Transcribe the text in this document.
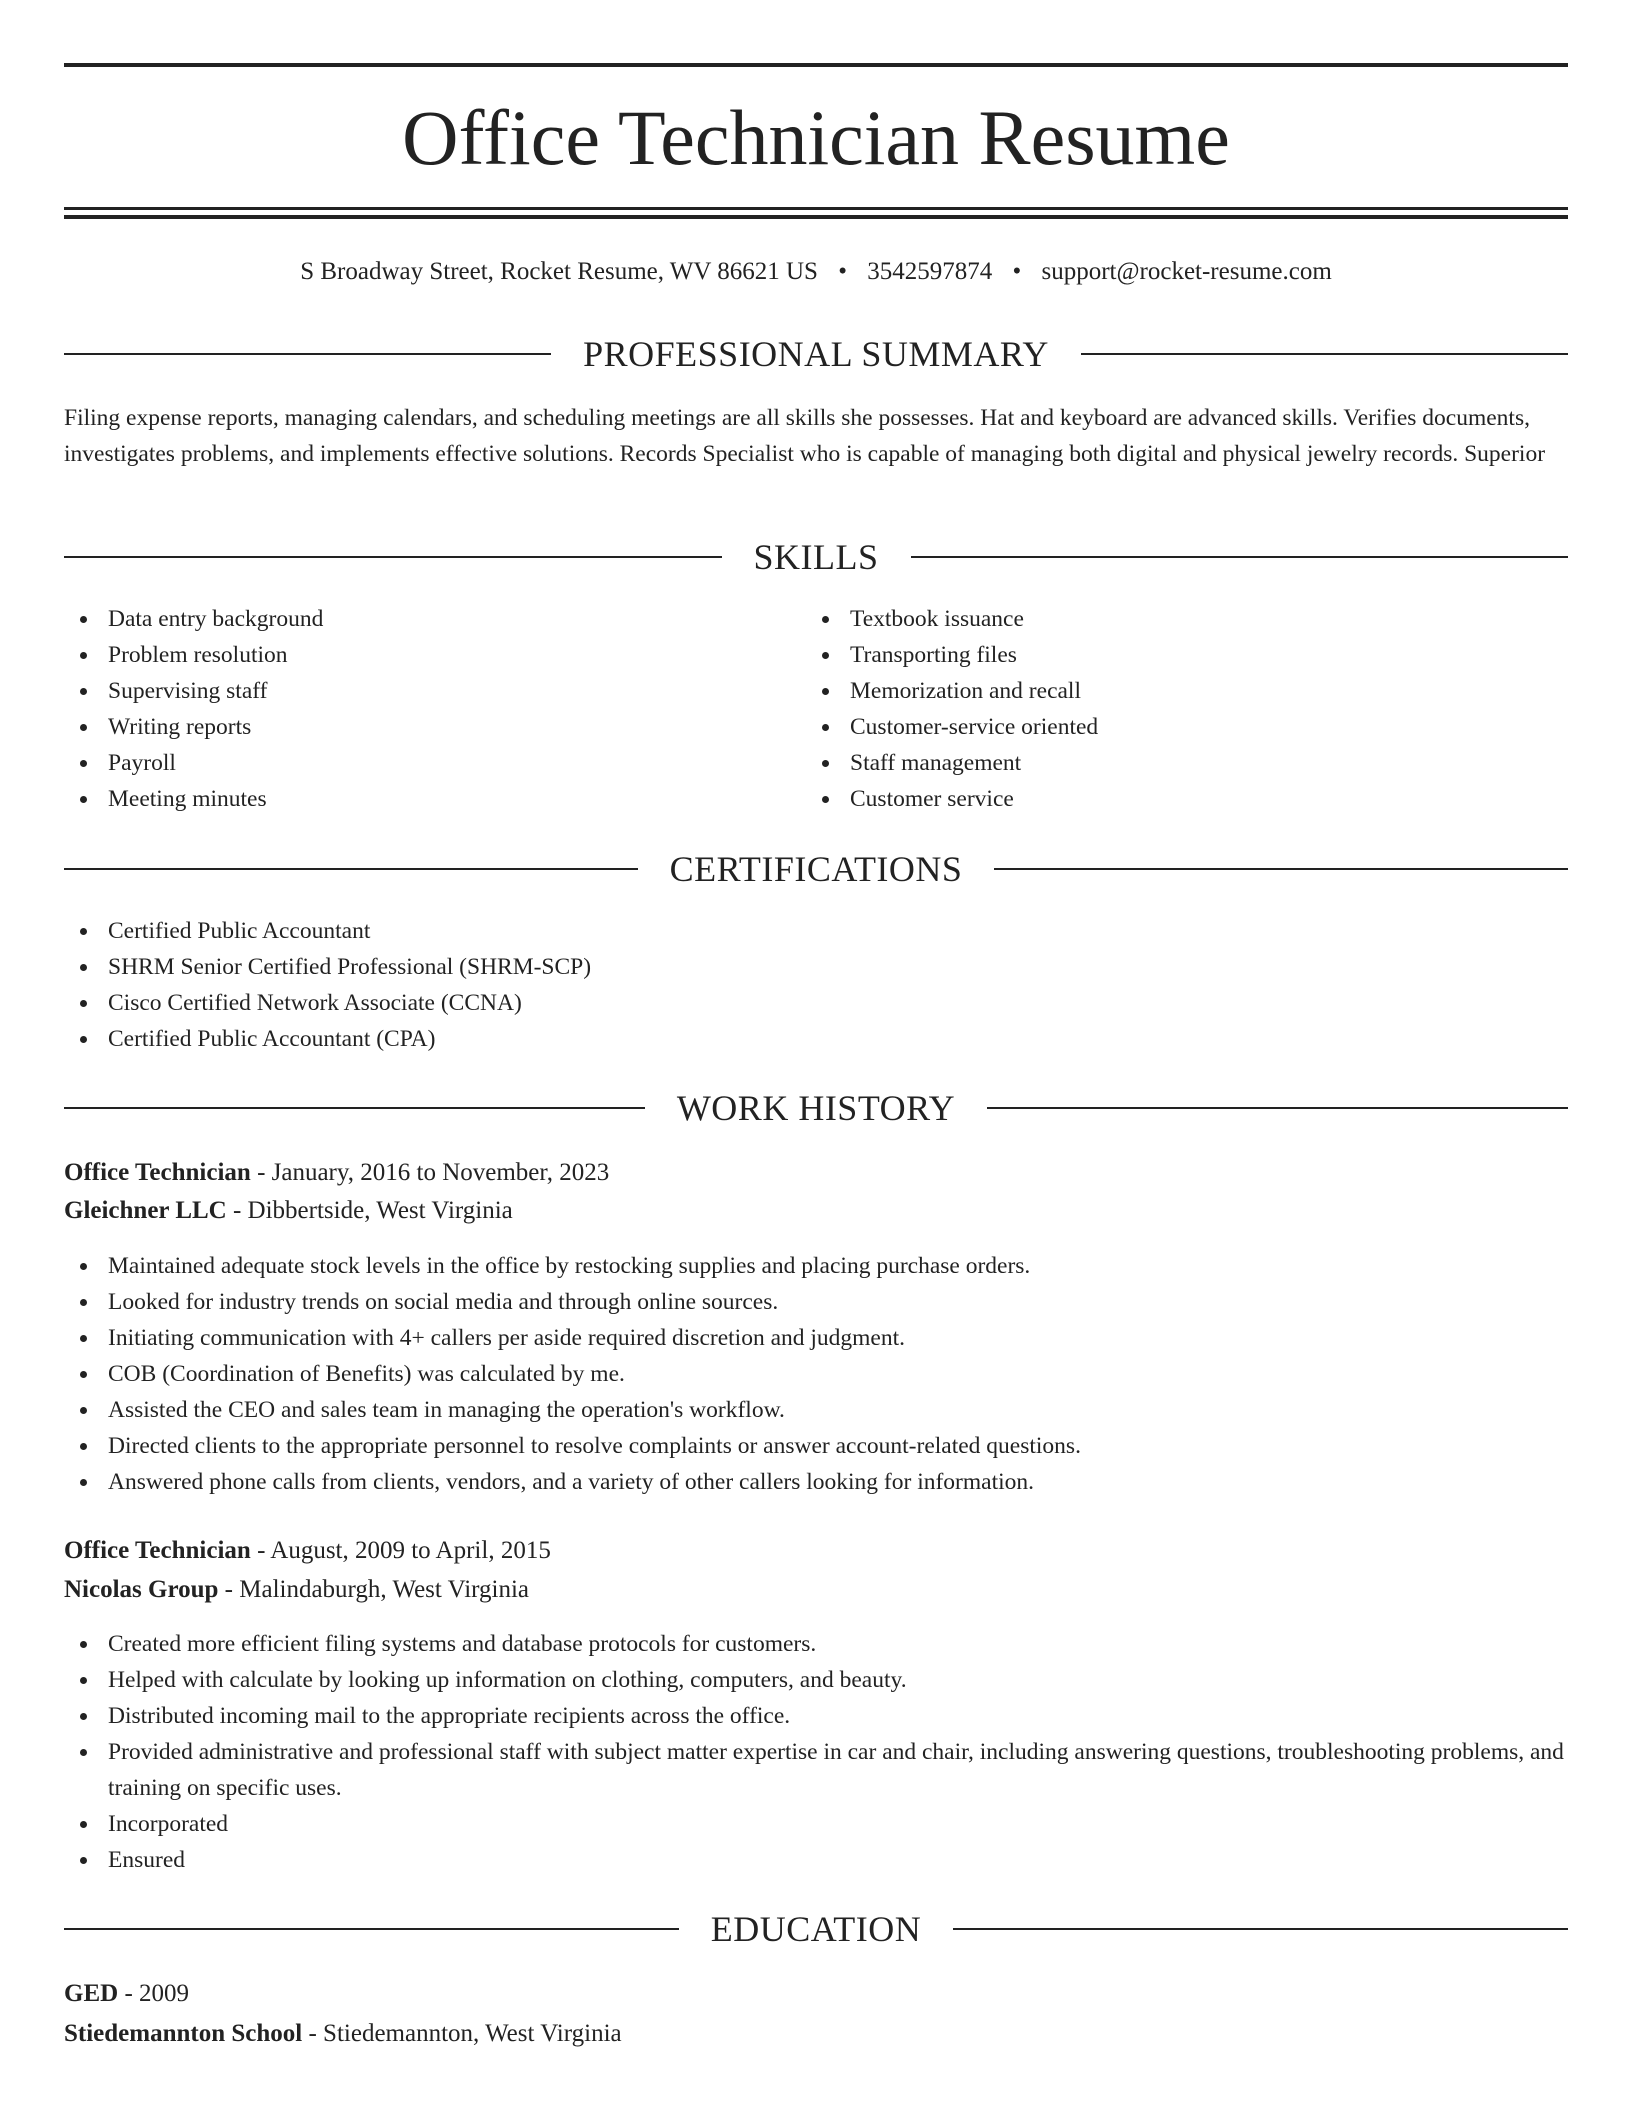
Office Technician Resume
S Broadway Street, Rocket Resume, WV 86621 US • 3542597874 • support@rocket-resume.com
PROFESSIONAL SUMMARY

Filing expense reports, managing calendars, and scheduling meetings are all skills she possesses. Hat and keyboard are advanced skills. Verifies documents, investigates problems, and implements effective solutions. Records Specialist who is capable of managing both digital and physical jewelry records. Superior

SKILLS
Data entry background
Problem resolution
Supervising staff
Writing reports
Payroll
Meeting minutes
Textbook issuance
Transporting files
Memorization and recall
Customer-service oriented
Staff management
Customer service
CERTIFICATIONS
Certified Public Accountant
SHRM Senior Certified Professional (SHRM-SCP)
Cisco Certified Network Associate (CCNA)
Certified Public Accountant (CPA)
WORK HISTORY
Office Technician - January, 2016 to November, 2023
Gleichner LLC - Dibbertside, West Virginia
Maintained adequate stock levels in the office by restocking supplies and placing purchase orders.
Looked for industry trends on social media and through online sources.
Initiating communication with 4+ callers per aside required discretion and judgment.
COB (Coordination of Benefits) was calculated by me.
Assisted the CEO and sales team in managing the operation's workflow.
Directed clients to the appropriate personnel to resolve complaints or answer account-related questions.
Answered phone calls from clients, vendors, and a variety of other callers looking for information.
Office Technician - August, 2009 to April, 2015
Nicolas Group - Malindaburgh, West Virginia
Created more efficient filing systems and database protocols for customers.
Helped with calculate by looking up information on clothing, computers, and beauty.
Distributed incoming mail to the appropriate recipients across the office.
Provided administrative and professional staff with subject matter expertise in car and chair, including answering questions, troubleshooting problems, and training on specific uses.
Incorporated
Ensured
EDUCATION
GED - 2009
Stiedemannton School - Stiedemannton, West Virginia
